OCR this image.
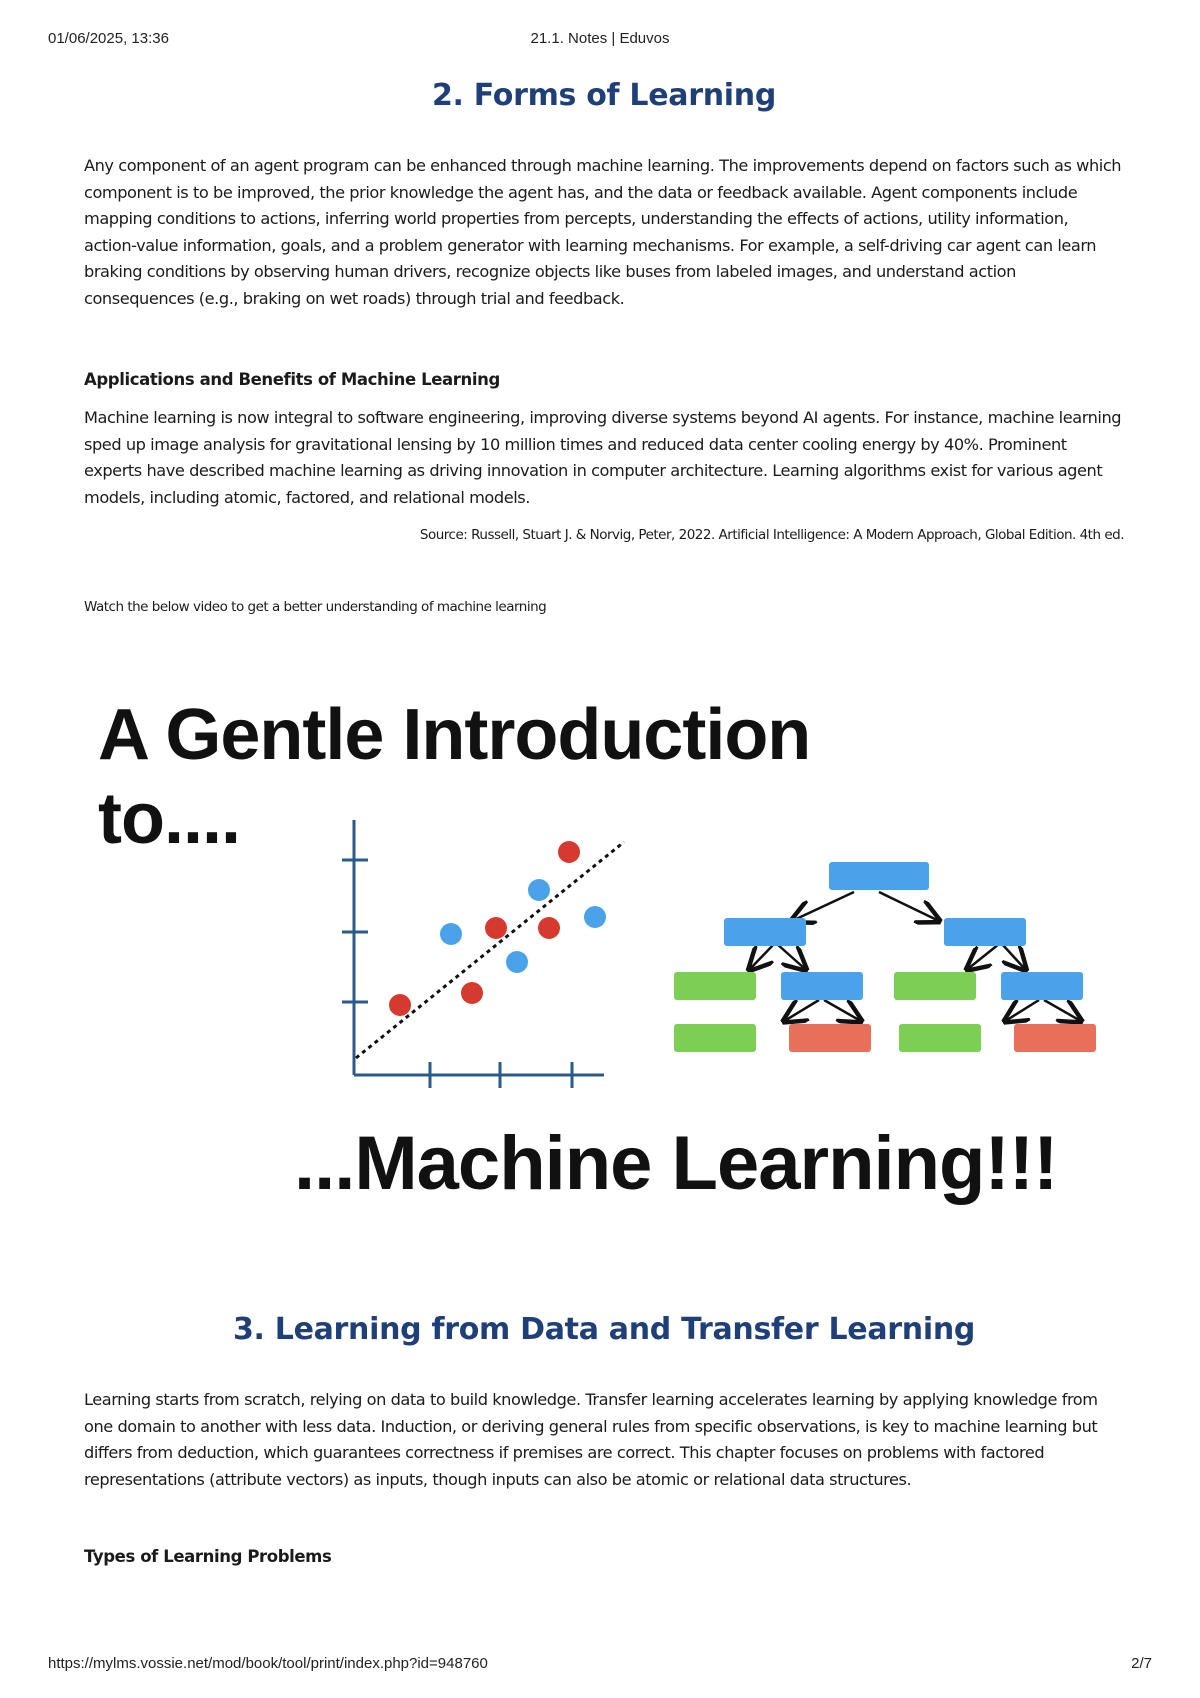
01/06/2025, 13:36	21.1. Notes | Eduvos
2. Forms of Learning

Any component of an agent program can be enhanced through machine learning. The improvements depend on factors such as which component is to be improved, the prior knowledge the agent has, and the data or feedback available. Agent components include mapping conditions to actions, inferring world properties from percepts, understanding the effects of actions, utility information, action-value information, goals, and a problem generator with learning mechanisms. For example, a self-driving car agent can learn braking conditions by observing human drivers, recognize objects like buses from labeled images, and understand action consequences (e.g., braking on wet roads) through trial and feedback.

Applications and Benefits of Machine Learning

Machine learning is now integral to software engineering, improving diverse systems beyond AI agents. For instance, machine learning sped up image analysis for gravitational lensing by 10 million times and reduced data center cooling energy by 40%. Prominent experts have described machine learning as driving innovation in computer architecture. Learning algorithms exist for various agent models, including atomic, factored, and relational models.

Source: Russell, Stuart J. & Norvig, Peter, 2022. Artificial Intelligence: A Modern Approach, Global Edition. 4th ed.

Watch the below video to get a better understanding of machine learning

A Gentle Introduction
to....
...Machine Learning!!!
3. Learning from Data and Transfer Learning

Learning starts from scratch, relying on data to build knowledge. Transfer learning accelerates learning by applying knowledge from one domain to another with less data. Induction, or deriving general rules from specific observations, is key to machine learning but differs from deduction, which guarantees correctness if premises are correct. This chapter focuses on problems with factored representations (attribute vectors) as inputs, though inputs can also be atomic or relational data structures.

Types of Learning Problems

https://mylms.vossie.net/mod/book/tool/print/index.php?id=948760	2/7
